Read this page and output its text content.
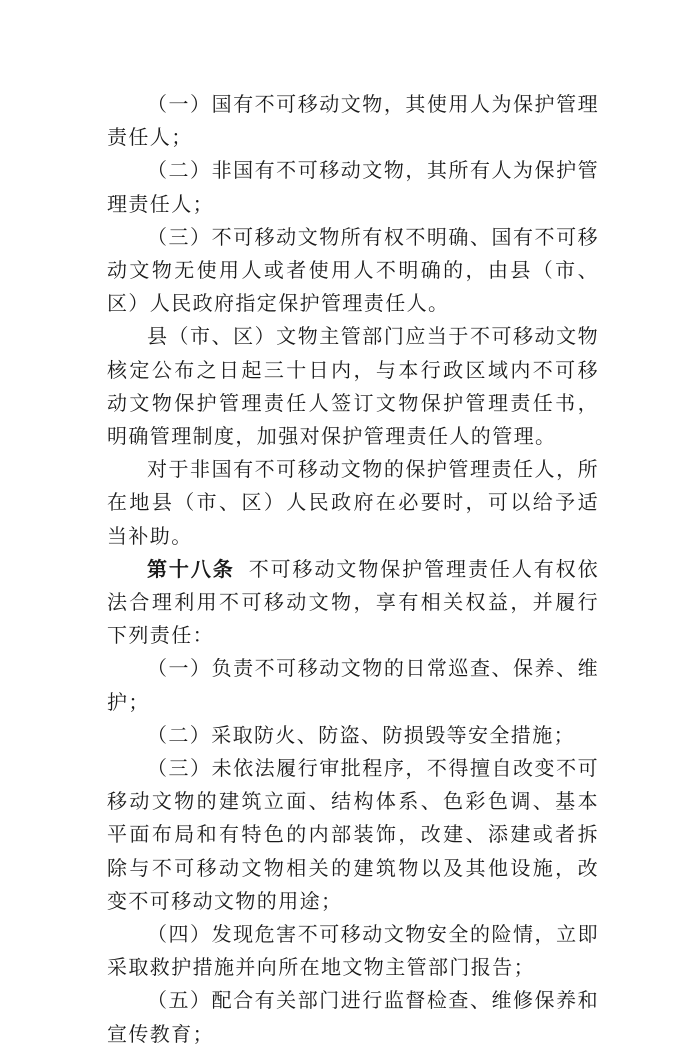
（一）国有不可移动文物，其使用人为保护管理责任人；

（二）非国有不可移动文物，其所有人为保护管理责任人；

（三）不可移动文物所有权不明确、国有不可移动文物无使用人或者使用人不明确的，由县（市、区）人民政府指定保护管理责任人。

县（市、区）文物主管部门应当于不可移动文物核定公布之日起三十日内，与本行政区域内不可移动文物保护管理责任人签订文物保护管理责任书，明确管理制度，加强对保护管理责任人的管理。

对于非国有不可移动文物的保护管理责任人，所在地县（市、区）人民政府在必要时，可以给予适当补助。

第十八条 不可移动文物保护管理责任人有权依法合理利用不可移动文物，享有相关权益，并履行下列责任：

（一）负责不可移动文物的日常巡查、保养、维护；

（二）采取防火、防盗、防损毁等安全措施；

（三）未依法履行审批程序，不得擅自改变不可移动文物的建筑立面、结构体系、色彩色调、基本平面布局和有特色的内部装饰，改建、添建或者拆除与不可移动文物相关的建筑物以及其他设施，改变不可移动文物的用途；

（四）发现危害不可移动文物安全的险情，立即采取救护措施并向所在地文物主管部门报告；

（五）配合有关部门进行监督检查、维修保养和宣传教育；
